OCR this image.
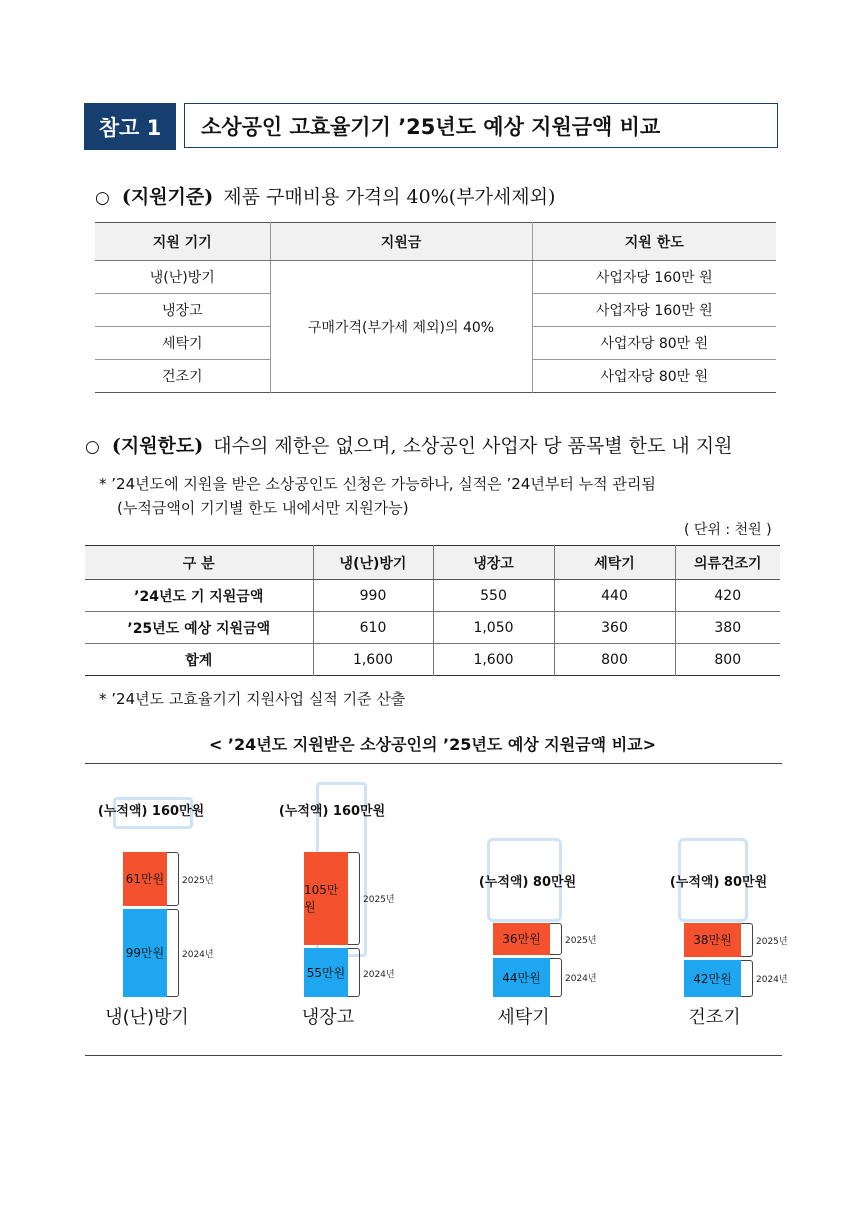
참고 1	소상공인 고효율기기 ’25년도 예상 지원금액 비교
○ (지원기준) 제품 구매비용 가격의 40%(부가세제외)
지원 기기	지원금	지원 한도
냉(난)방기	구매가격(부가세 제외)의 40%	사업자당 160만 원
냉장고		사업자당 160만 원
세탁기		사업자당 80만 원
건조기		사업자당 80만 원
○ (지원한도) 대수의 제한은 없으며, 소상공인 사업자 당 품목별 한도 내 지원
* ’24년도에 지원을 받은 소상공인도 신청은 가능하나, 실적은 ’24년부터 누적 관리됨
(누적금액이 기기별 한도 내에서만 지원가능)
( 단위 : 천원 )
구 분	냉(난)방기	냉장고	세탁기	의류건조기
’24년도 기 지원금액	990	550	440	420
’25년도 예상 지원금액	610	1,050	360	380
합계	1,600	1,600	800	800
* ’24년도 고효율기기 지원사업 실적 기준 산출
< ’24년도 지원받은 소상공인의 ’25년도 예상 지원금액 비교>
99만원
61만원
2024년
2025년
(누적액) 160만원
냉(난)방기
55만원
105만원
2024년
2025년
(누적액) 160만원
냉장고
44만원
36만원
2024년
2025년
(누적액) 80만원
세탁기
42만원
38만원
2024년
2025년
(누적액) 80만원
건조기
